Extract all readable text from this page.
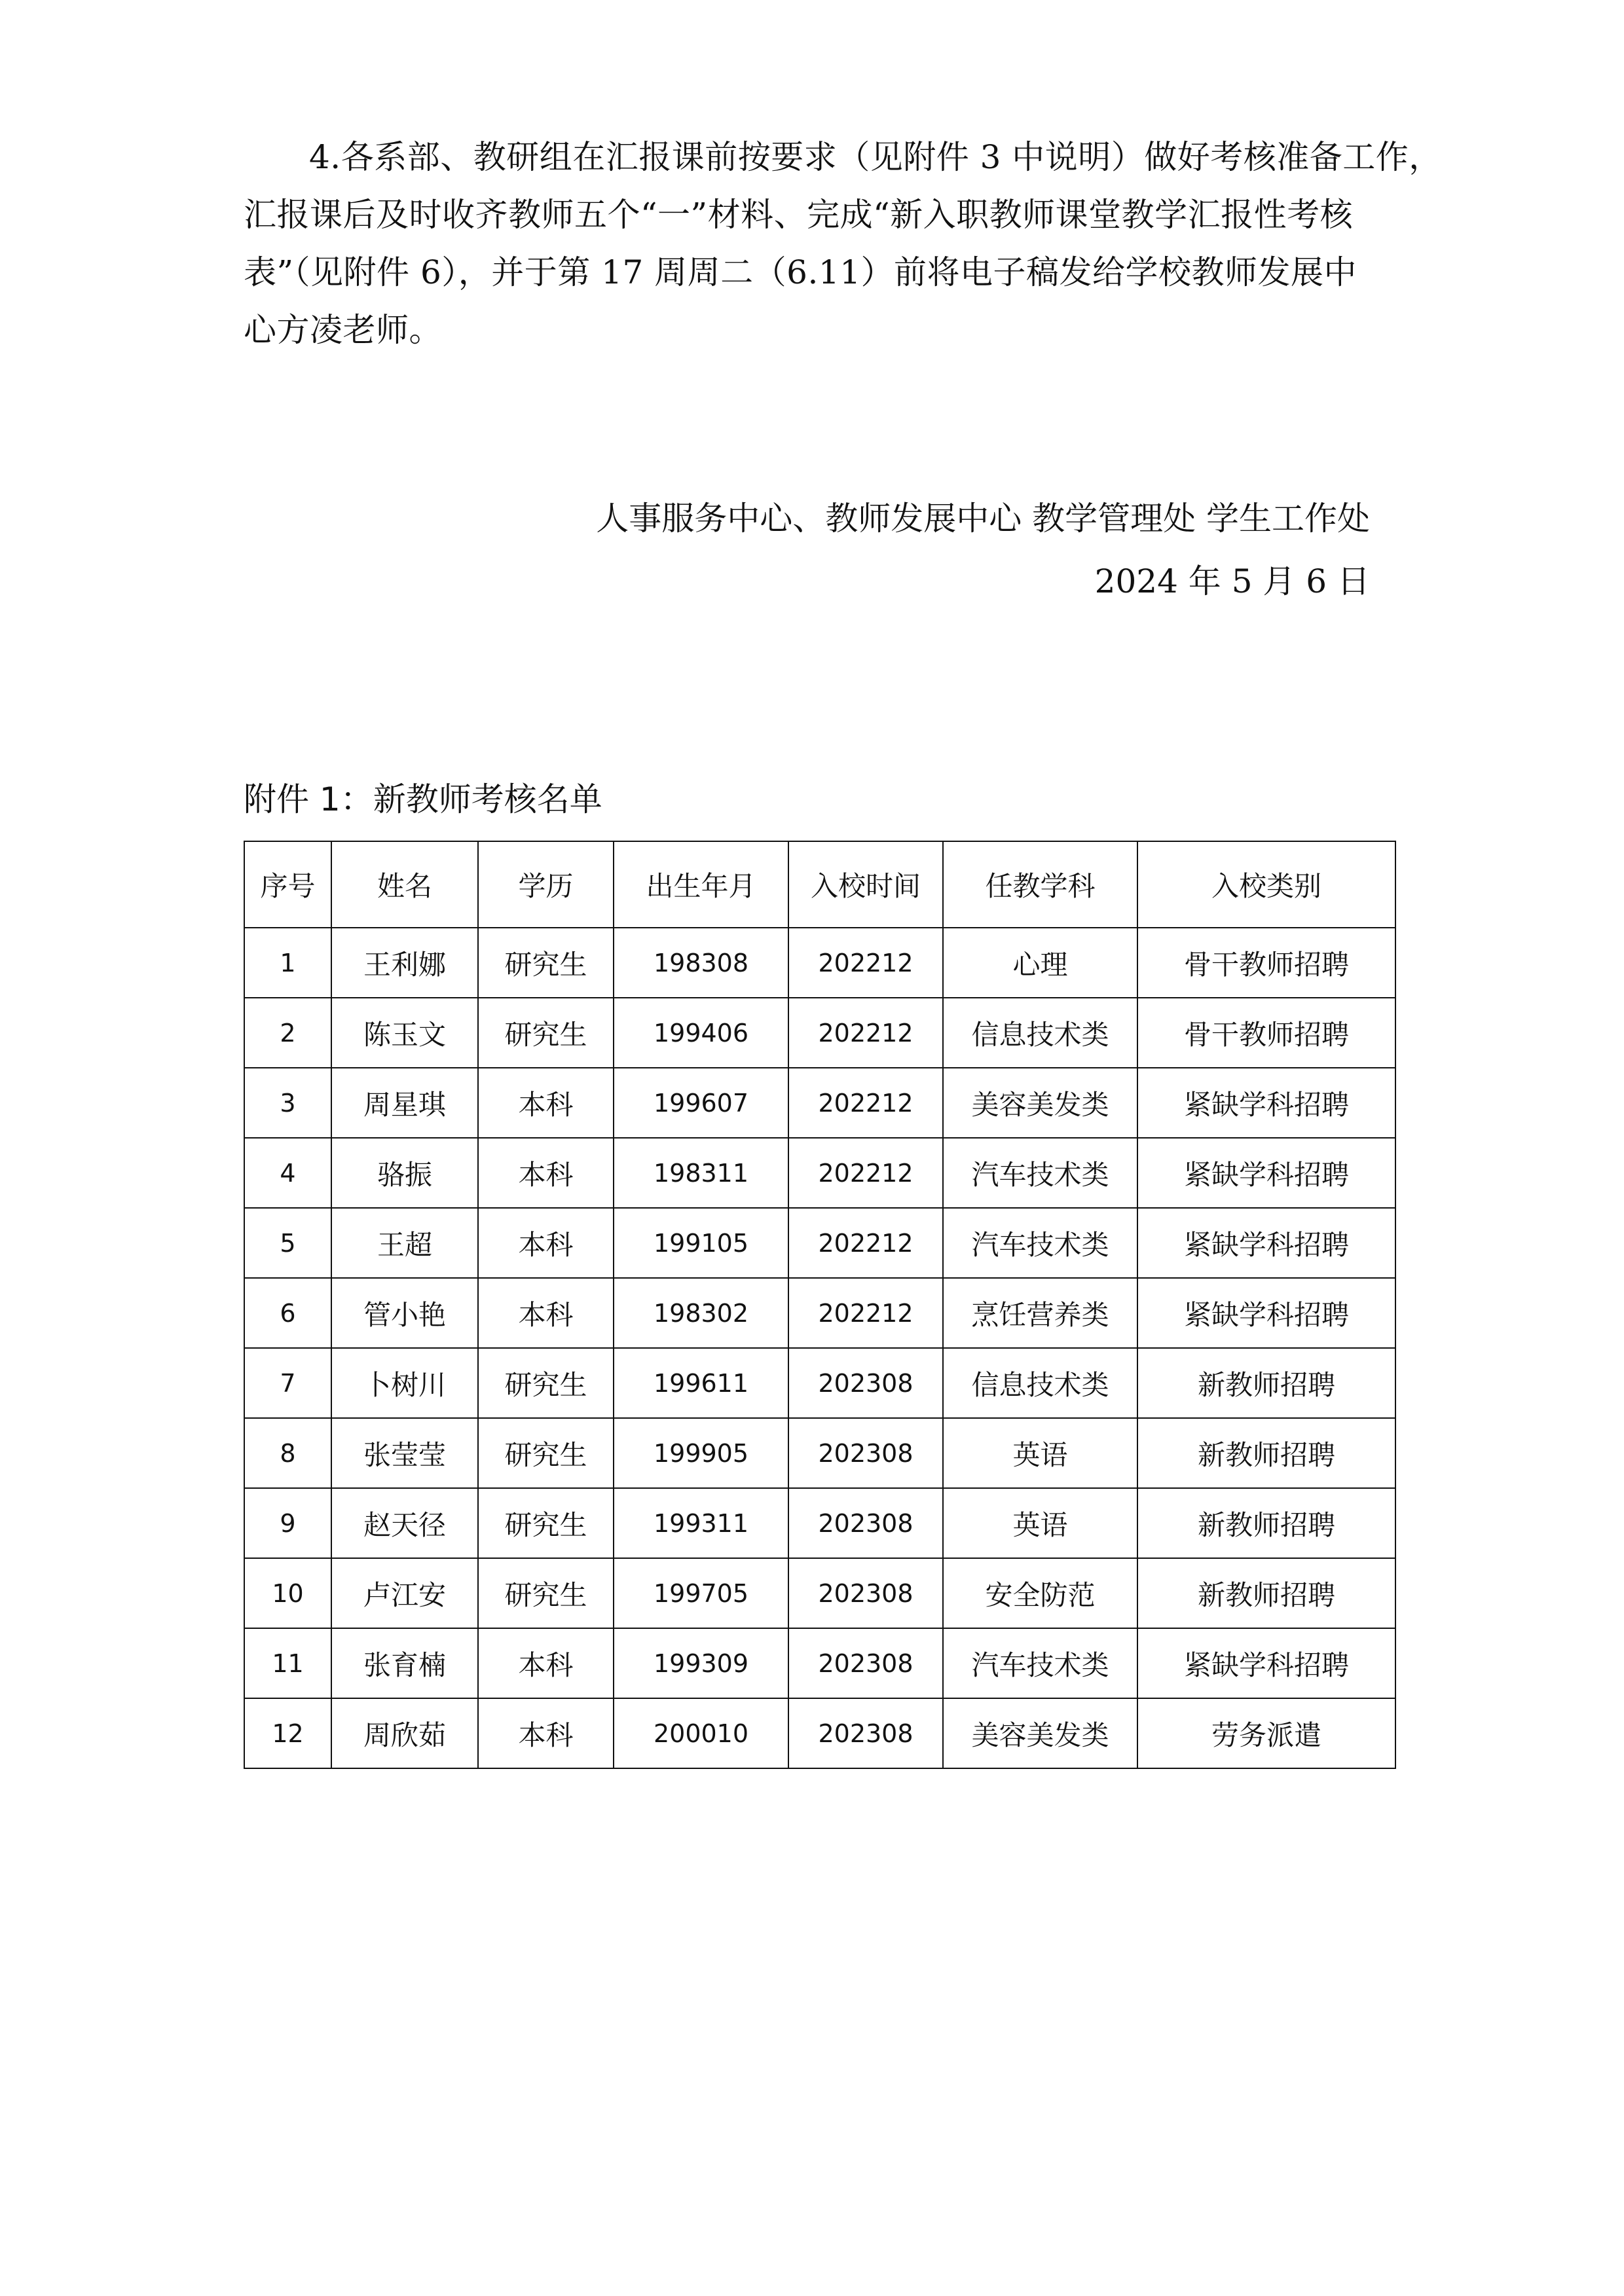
4.各系部、教研组在汇报课前按要求（见附件 3 中说明）做好考核准备工作，
汇报课后及时收齐教师五个“一”材料、完成“新入职教师课堂教学汇报性考核
表”（见附件 6），并于第 17 周周二（6.11）前将电子稿发给学校教师发展中
心方凌老师。
人事服务中心、教师发展中心 教学管理处 学生工作处
2024 年 5 月 6 日
附件 1：新教师考核名单
序号	姓名	学历	出生年月	入校时间	任教学科	入校类别
1	王利娜	研究生	198308	202212	心理	骨干教师招聘
2	陈玉文	研究生	199406	202212	信息技术类	骨干教师招聘
3	周星琪	本科	199607	202212	美容美发类	紧缺学科招聘
4	骆振	本科	198311	202212	汽车技术类	紧缺学科招聘
5	王超	本科	199105	202212	汽车技术类	紧缺学科招聘
6	管小艳	本科	198302	202212	烹饪营养类	紧缺学科招聘
7	卜树川	研究生	199611	202308	信息技术类	新教师招聘
8	张莹莹	研究生	199905	202308	英语	新教师招聘
9	赵天径	研究生	199311	202308	英语	新教师招聘
10	卢江安	研究生	199705	202308	安全防范	新教师招聘
11	张育楠	本科	199309	202308	汽车技术类	紧缺学科招聘
12	周欣茹	本科	200010	202308	美容美发类	劳务派遣
